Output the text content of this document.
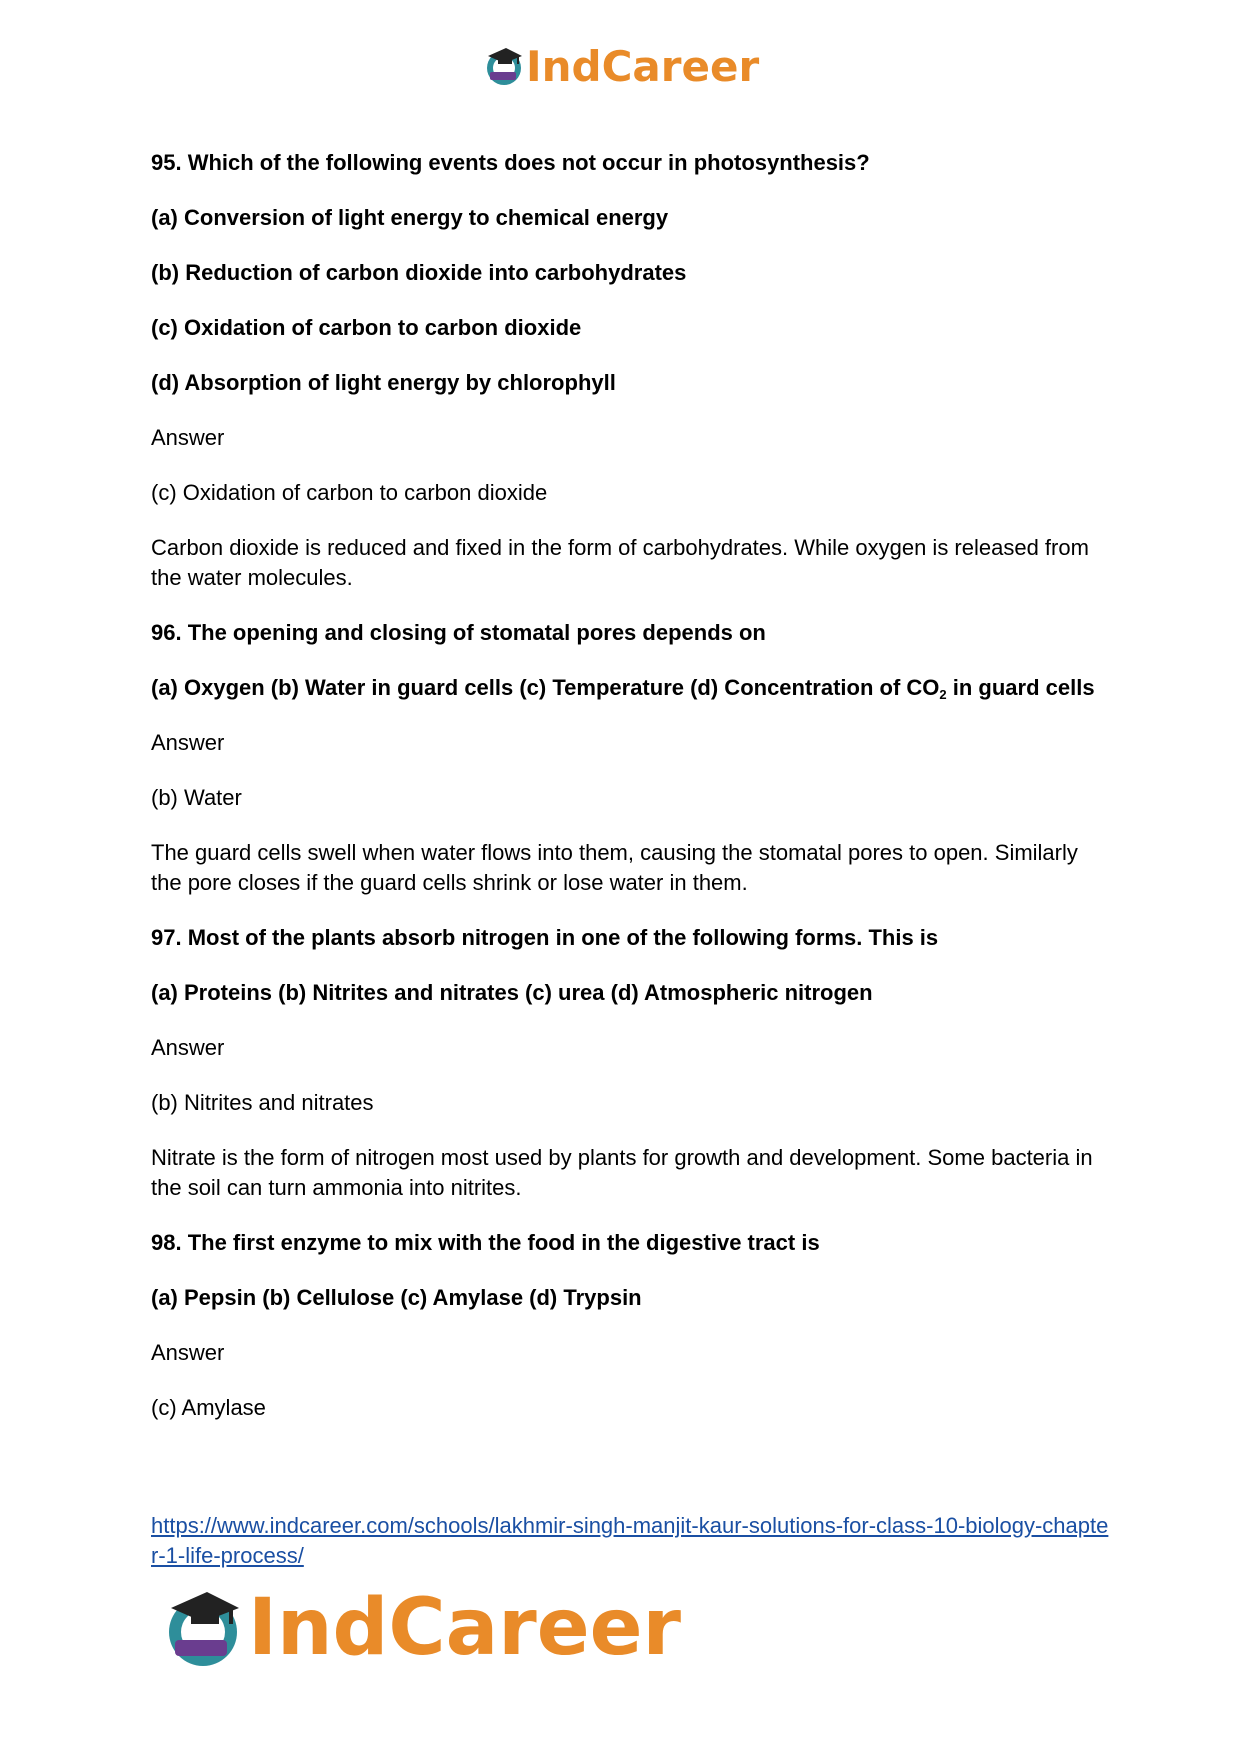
IndCareer

95. Which of the following events does not occur in photosynthesis?

(a) Conversion of light energy to chemical energy

(b) Reduction of carbon dioxide into carbohydrates

(c) Oxidation of carbon to carbon dioxide

(d) Absorption of light energy by chlorophyll

Answer

(c) Oxidation of carbon to carbon dioxide

Carbon dioxide is reduced and fixed in the form of carbohydrates. While oxygen is released from the water molecules.

96. The opening and closing of stomatal pores depends on

(a) Oxygen (b) Water in guard cells (c) Temperature (d) Concentration of $CO_2$ in guard cells

Answer

(b) Water

The guard cells swell when water flows into them, causing the stomatal pores to open. Similarly the pore closes if the guard cells shrink or lose water in them.

97. Most of the plants absorb nitrogen in one of the following forms. This is

(a) Proteins (b) Nitrites and nitrates (c) urea (d) Atmospheric nitrogen

Answer

(b) Nitrites and nitrates

Nitrate is the form of nitrogen most used by plants for growth and development. Some bacteria in the soil can turn ammonia into nitrites.

98. The first enzyme to mix with the food in the digestive tract is

(a) Pepsin (b) Cellulose (c) Amylase (d) Trypsin

Answer

(c) Amylase

https://www.indcareer.com/schools/lakhmir-singh-manjit-kaur-solutions-for-class-10-biology-chapter-1-life-process/
IndCareer
